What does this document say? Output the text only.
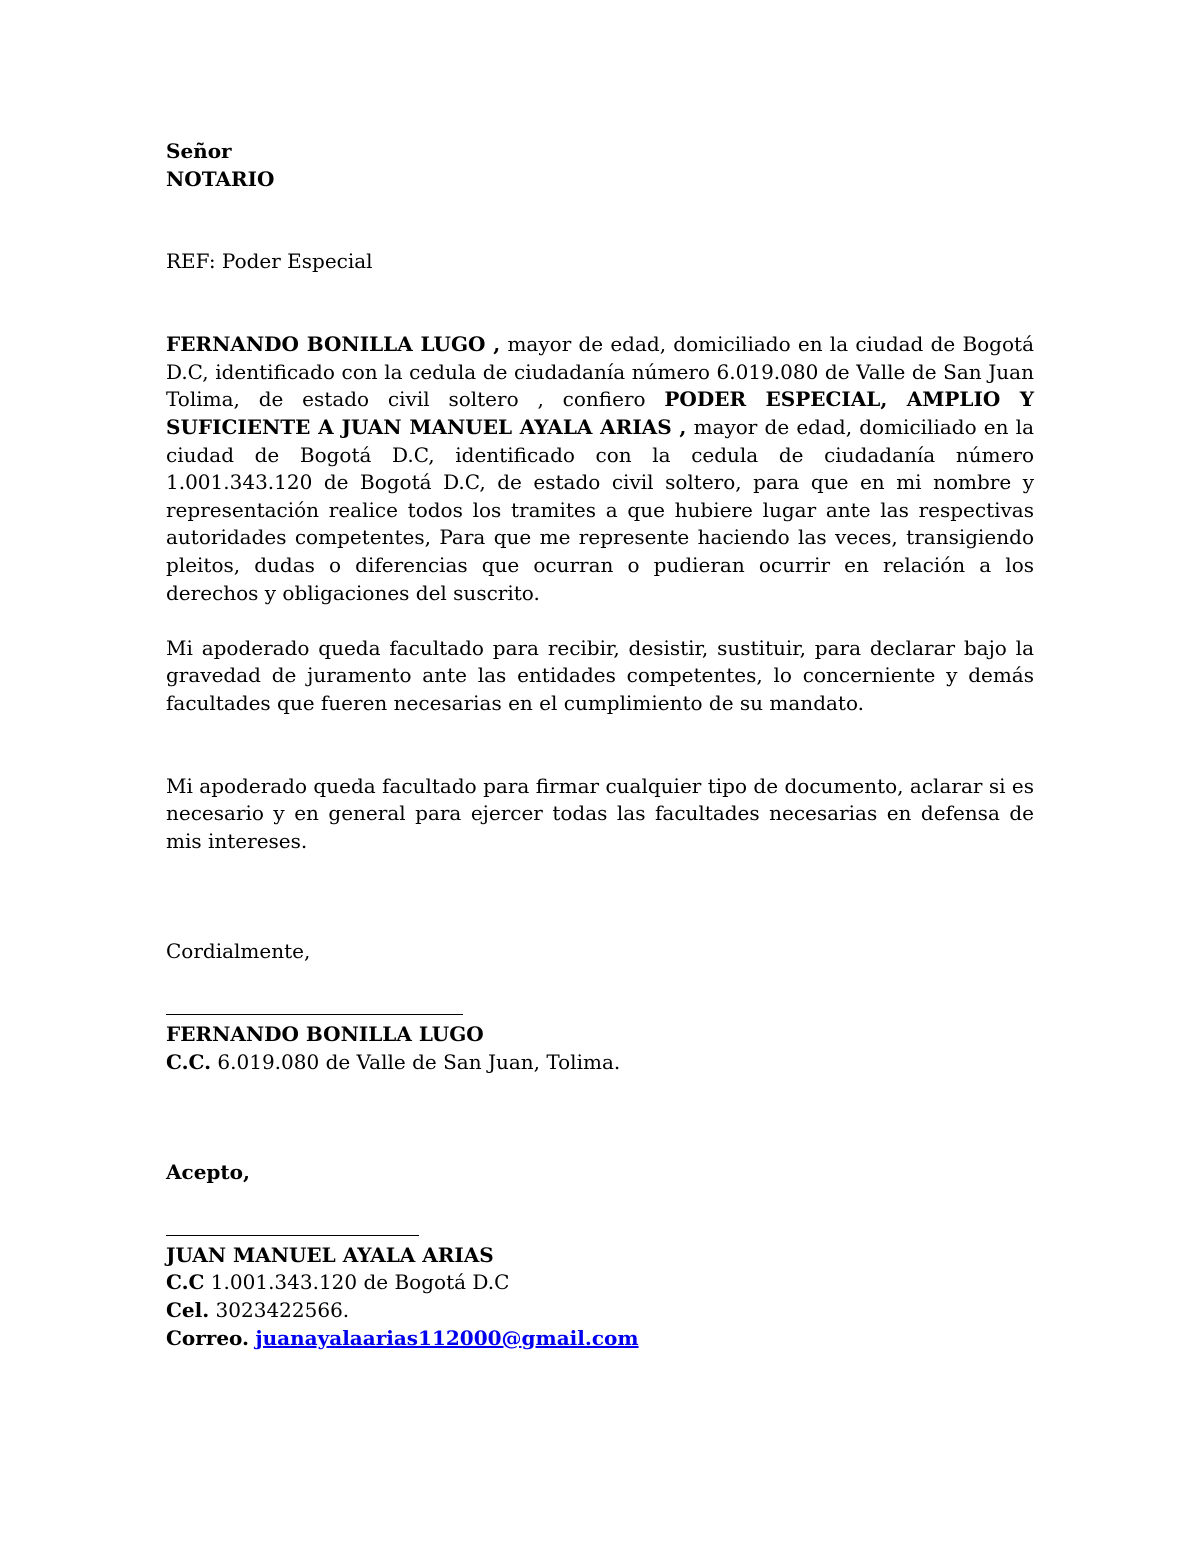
Señor
NOTARIO
REF: Poder Especial
FERNANDO BONILLA LUGO , mayor de edad, domiciliado en la ciudad de Bogotá D.C, identificado con la cedula de ciudadanía número 6.019.080 de Valle de San Juan Tolima, de estado civil soltero , confiero PODER ESPECIAL, AMPLIO Y SUFICIENTE A JUAN MANUEL AYALA ARIAS , mayor de edad, domiciliado en la ciudad de Bogotá D.C, identificado con la cedula de ciudadanía número 1.001.343.120 de Bogotá D.C, de estado civil soltero, para que en mi nombre y representación realice todos los tramites a que hubiere lugar ante las respectivas autoridades competentes, Para que me represente haciendo las veces, transigiendo pleitos, dudas o diferencias que ocurran o pudieran ocurrir en relación a los derechos y obligaciones del suscrito.
Mi apoderado queda facultado para recibir, desistir, sustituir, para declarar bajo la gravedad de juramento ante las entidades competentes, lo concerniente y demás facultades que fueren necesarias en el cumplimiento de su mandato.
Mi apoderado queda facultado para firmar cualquier tipo de documento, aclarar si es necesario y en general para ejercer todas las facultades necesarias en defensa de mis intereses.
Cordialmente,
FERNANDO BONILLA LUGO
C.C. 6.019.080 de Valle de San Juan, Tolima.
Acepto,
JUAN MANUEL AYALA ARIAS
C.C 1.001.343.120 de Bogotá D.C
Cel. 3023422566.
Correo. juanayalaarias112000@gmail.com
